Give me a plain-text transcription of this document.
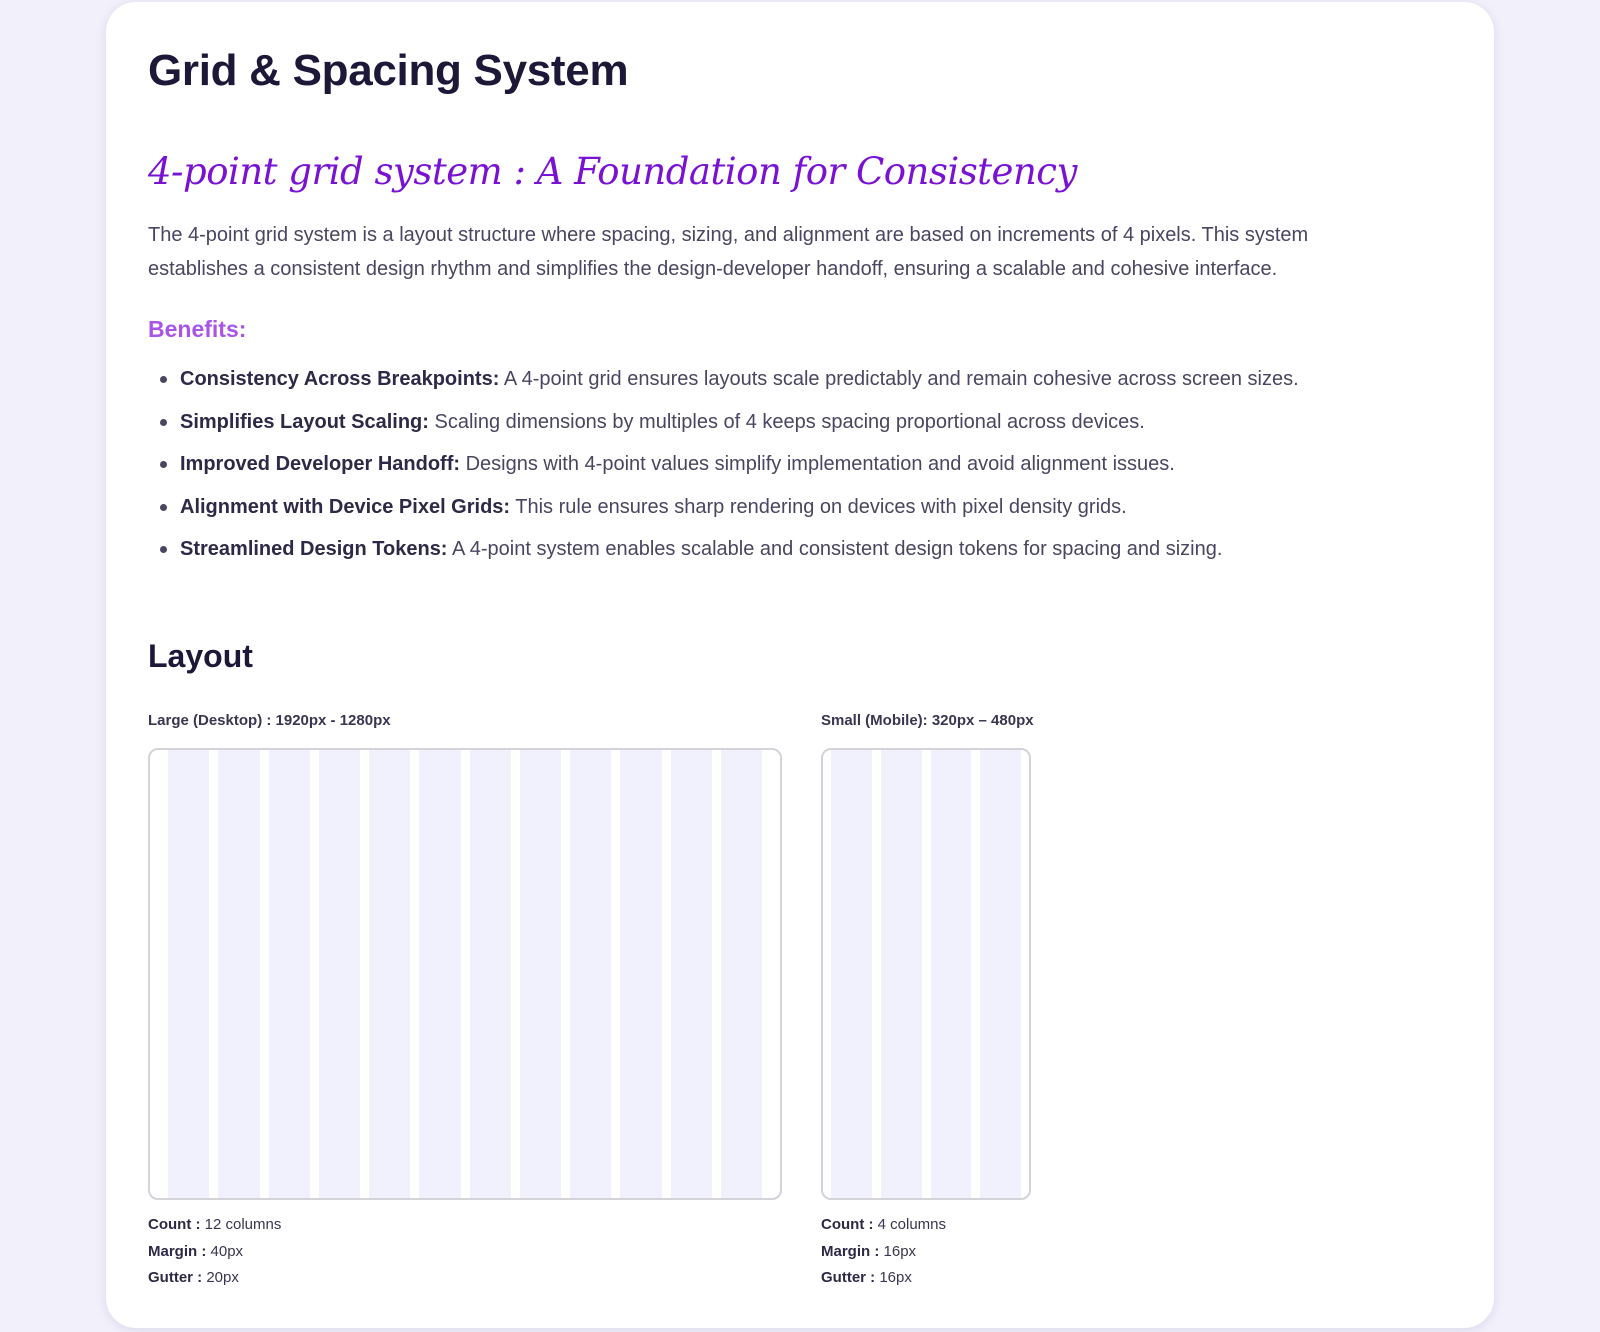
Grid & Spacing System
4-point grid system : A Foundation for Consistency

The 4-point grid system is a layout structure where spacing, sizing, and alignment are based on increments of 4 pixels. This system establishes a consistent design rhythm and simplifies the design-developer handoff, ensuring a scalable and cohesive interface.

Benefits:
Consistency Across Breakpoints: A 4-point grid ensures layouts scale predictably and remain cohesive across screen sizes.
Simplifies Layout Scaling: Scaling dimensions by multiples of 4 keeps spacing proportional across devices.
Improved Developer Handoff: Designs with 4-point values simplify implementation and avoid alignment issues.
Alignment with Device Pixel Grids: This rule ensures sharp rendering on devices with pixel density grids.
Streamlined Design Tokens: A 4-point system enables scalable and consistent design tokens for spacing and sizing.
Layout
Large (Desktop) : 1920px - 1280px
Count : 12 columns
Margin : 40px
Gutter : 20px
Small (Mobile): 320px – 480px
Count : 4 columns
Margin : 16px
Gutter : 16px
